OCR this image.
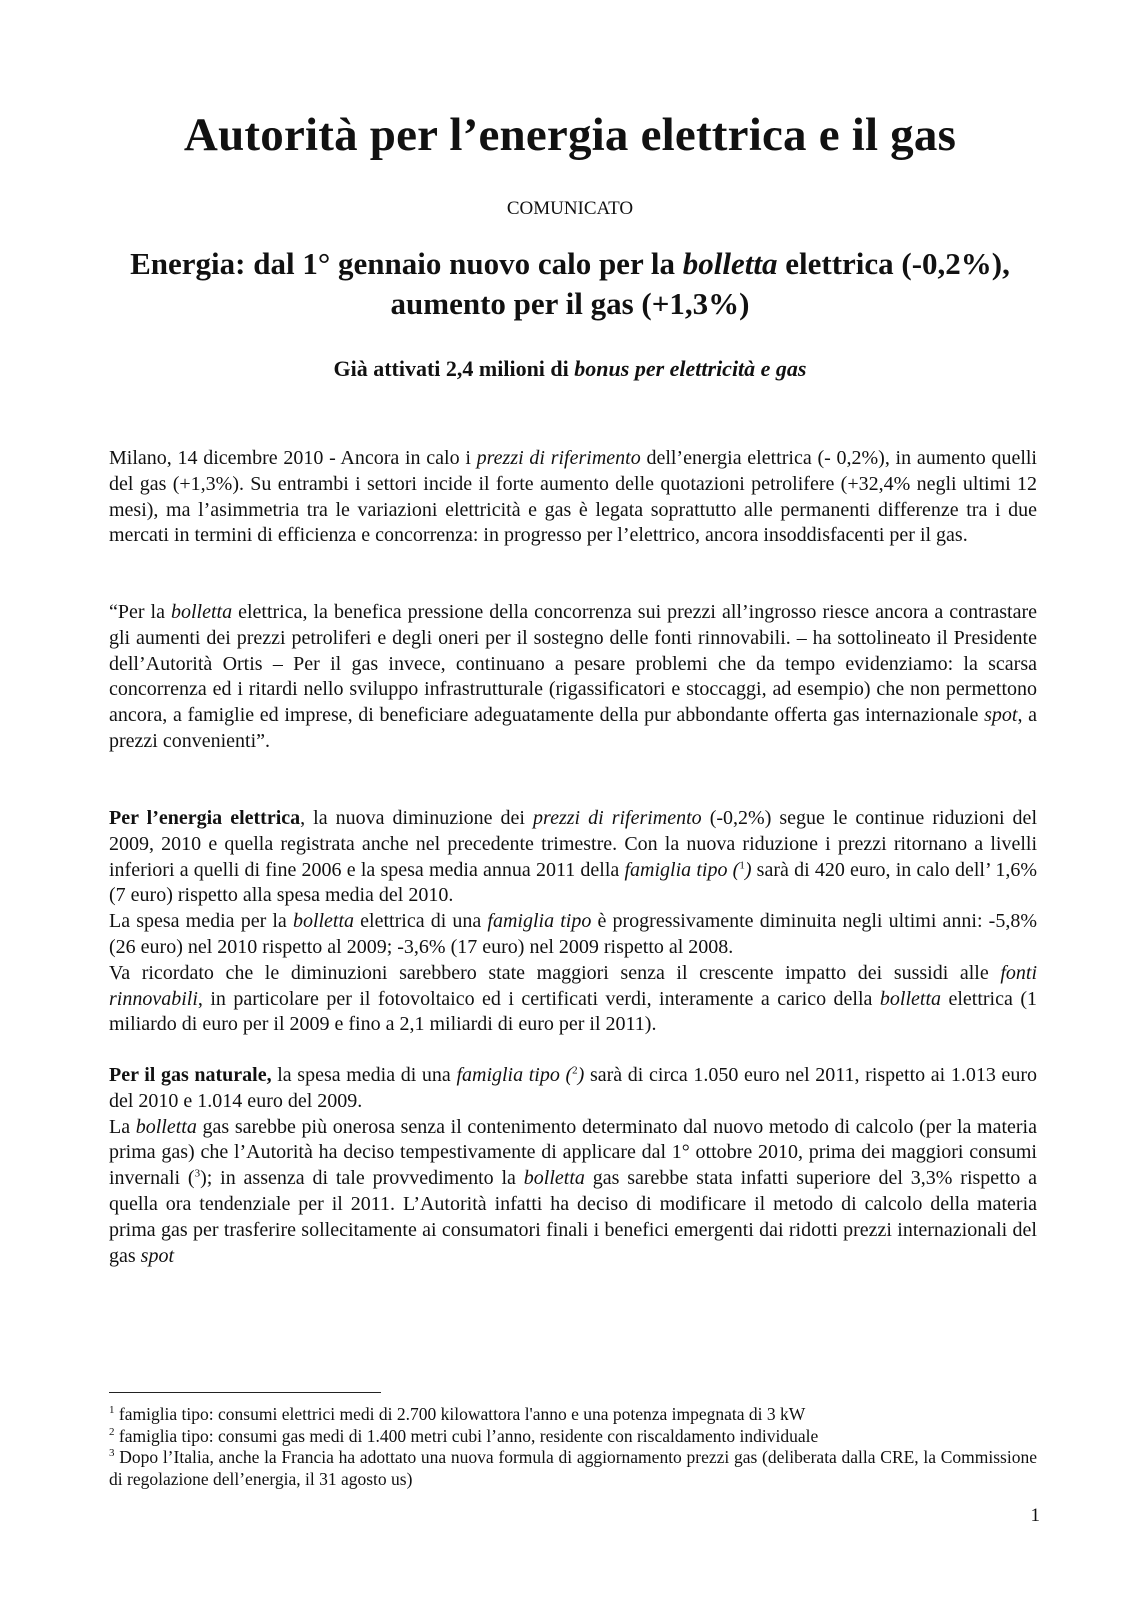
Autorità per l’energia elettrica e il gas
COMUNICATO
Energia: dal 1° gennaio nuovo calo per la bolletta elettrica (-0,2%),
aumento per il gas (+1,3%)
Già attivati 2,4 milioni di bonus per elettricità e gas

Milano, 14 dicembre 2010 - Ancora in calo i prezzi di riferimento dell’energia elettrica (- 0,2%), in aumento quelli del gas (+1,3%). Su entrambi i settori incide il forte aumento delle quotazioni petrolifere (+32,4% negli ultimi 12 mesi), ma l’asimmetria tra le variazioni elettricità e gas è legata soprattutto alle permanenti differenze tra i due mercati in termini di efficienza e concorrenza: in progresso per l’elettrico, ancora insoddisfacenti per il gas.

“Per la bolletta elettrica, la benefica pressione della concorrenza sui prezzi all’ingrosso riesce ancora a contrastare gli aumenti dei prezzi petroliferi e degli oneri per il sostegno delle fonti rinnovabili. – ha sottolineato il Presidente dell’Autorità Ortis – Per il gas invece, continuano a pesare problemi che da tempo evidenziamo: la scarsa concorrenza ed i ritardi nello sviluppo infrastrutturale (rigassificatori e stoccaggi, ad esempio) che non permettono ancora, a famiglie ed imprese, di beneficiare adeguatamente della pur abbondante offerta gas internazionale spot, a prezzi convenienti”.

Per l’energia elettrica, la nuova diminuzione dei prezzi di riferimento (-0,2%) segue le continue riduzioni del 2009, 2010 e quella registrata anche nel precedente trimestre. Con la nuova riduzione i prezzi ritornano a livelli inferiori a quelli di fine 2006 e la spesa media annua 2011 della famiglia tipo ($^1$) sarà di 420 euro, in calo dell’ 1,6% (7 euro) rispetto alla spesa media del 2010.

La spesa media per la bolletta elettrica di una famiglia tipo è progressivamente diminuita negli ultimi anni: -5,8% (26 euro) nel 2010 rispetto al 2009; -3,6% (17 euro) nel 2009 rispetto al 2008.

Va ricordato che le diminuzioni sarebbero state maggiori senza il crescente impatto dei sussidi alle fonti rinnovabili, in particolare per il fotovoltaico ed i certificati verdi, interamente a carico della bolletta elettrica (1 miliardo di euro per il 2009 e fino a 2,1 miliardi di euro per il 2011).

Per il gas naturale, la spesa media di una famiglia tipo ($^2$) sarà di circa 1.050 euro nel 2011, rispetto ai 1.013 euro del 2010 e 1.014 euro del 2009.

La bolletta gas sarebbe più onerosa senza il contenimento determinato dal nuovo metodo di calcolo (per la materia prima gas) che l’Autorità ha deciso tempestivamente di applicare dal 1° ottobre 2010, prima dei maggiori consumi invernali ($^3$); in assenza di tale provvedimento la bolletta gas sarebbe stata infatti superiore del 3,3% rispetto a quella ora tendenziale per il 2011. L’Autorità infatti ha deciso di modificare il metodo di calcolo della materia prima gas per trasferire sollecitamente ai consumatori finali i benefici emergenti dai ridotti prezzi internazionali del gas spot

$^1$ famiglia tipo: consumi elettrici medi di 2.700 kilowattora l'anno e una potenza impegnata di 3 kW

$^2$ famiglia tipo: consumi gas medi di 1.400 metri cubi l’anno, residente con riscaldamento individuale

$^3$ Dopo l’Italia, anche la Francia ha adottato una nuova formula di aggiornamento prezzi gas (deliberata dalla CRE, la Commissione di regolazione dell’energia, il 31 agosto us)

1
